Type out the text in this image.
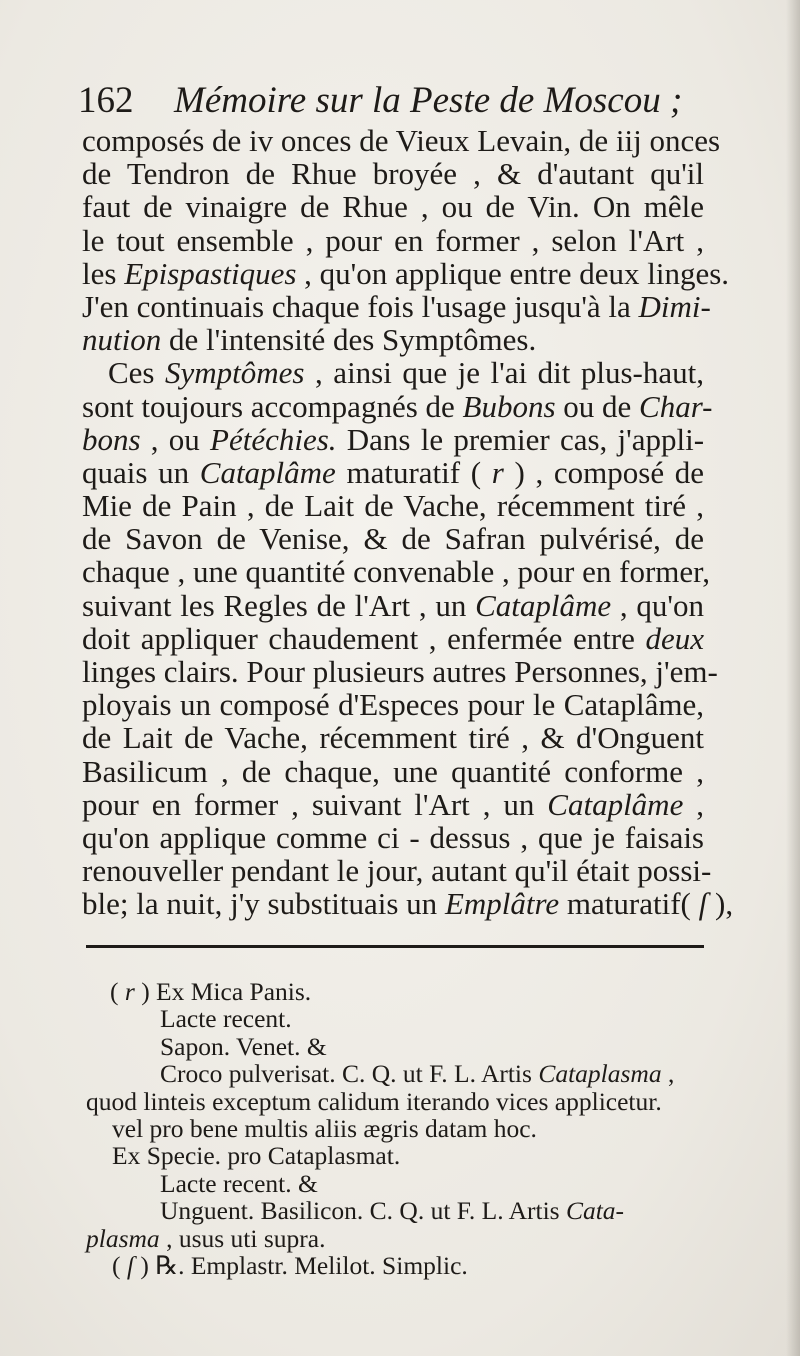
162 Mémoire sur la Peste de Moscou ;
composés de iv onces de Vieux Levain, de iij onces
de Tendron de Rhue broyée , & d'autant qu'il
faut de vinaigre de Rhue , ou de Vin. On mêle
le tout ensemble , pour en former , selon l'Art ,
les Epispastiques , qu'on applique entre deux linges.
J'en continuais chaque fois l'usage jusqu'à la Dimi-
nution de l'intensité des Symptômes.
Ces Symptômes , ainsi que je l'ai dit plus-haut,
sont toujours accompagnés de Bubons ou de Char-
bons , ou Pétéchies. Dans le premier cas, j'appli-
quais un Cataplâme maturatif ( r ) , composé de
Mie de Pain , de Lait de Vache, récemment tiré ,
de Savon de Venise, & de Safran pulvérisé, de
chaque , une quantité convenable , pour en former,
suivant les Regles de l'Art , un Cataplâme , qu'on
doit appliquer chaudement , enfermée entre deux
linges clairs. Pour plusieurs autres Personnes, j'em-
ployais un composé d'Especes pour le Cataplâme,
de Lait de Vache, récemment tiré , & d'Onguent
Basilicum , de chaque, une quantité conforme ,
pour en former , suivant l'Art , un Cataplâme ,
qu'on applique comme ci - dessus , que je faisais
renouveller pendant le jour, autant qu'il était possi-
ble; la nuit, j'y substituais un Emplâtre maturatif( ſ ),
( r ) Ex Mica Panis.
Lacte recent.
Sapon. Venet. &
Croco pulverisat. C. Q. ut F. L. Artis Cataplasma ,
quod linteis exceptum calidum iterando vices applicetur.
vel pro bene multis aliis ægris datam hoc.
Ex Specie. pro Cataplasmat.
Lacte recent. &
Unguent. Basilicon. C. Q. ut F. L. Artis Cata-
plasma , usus uti supra.
( ſ ) ℞. Emplastr. Melilot. Simplic.
